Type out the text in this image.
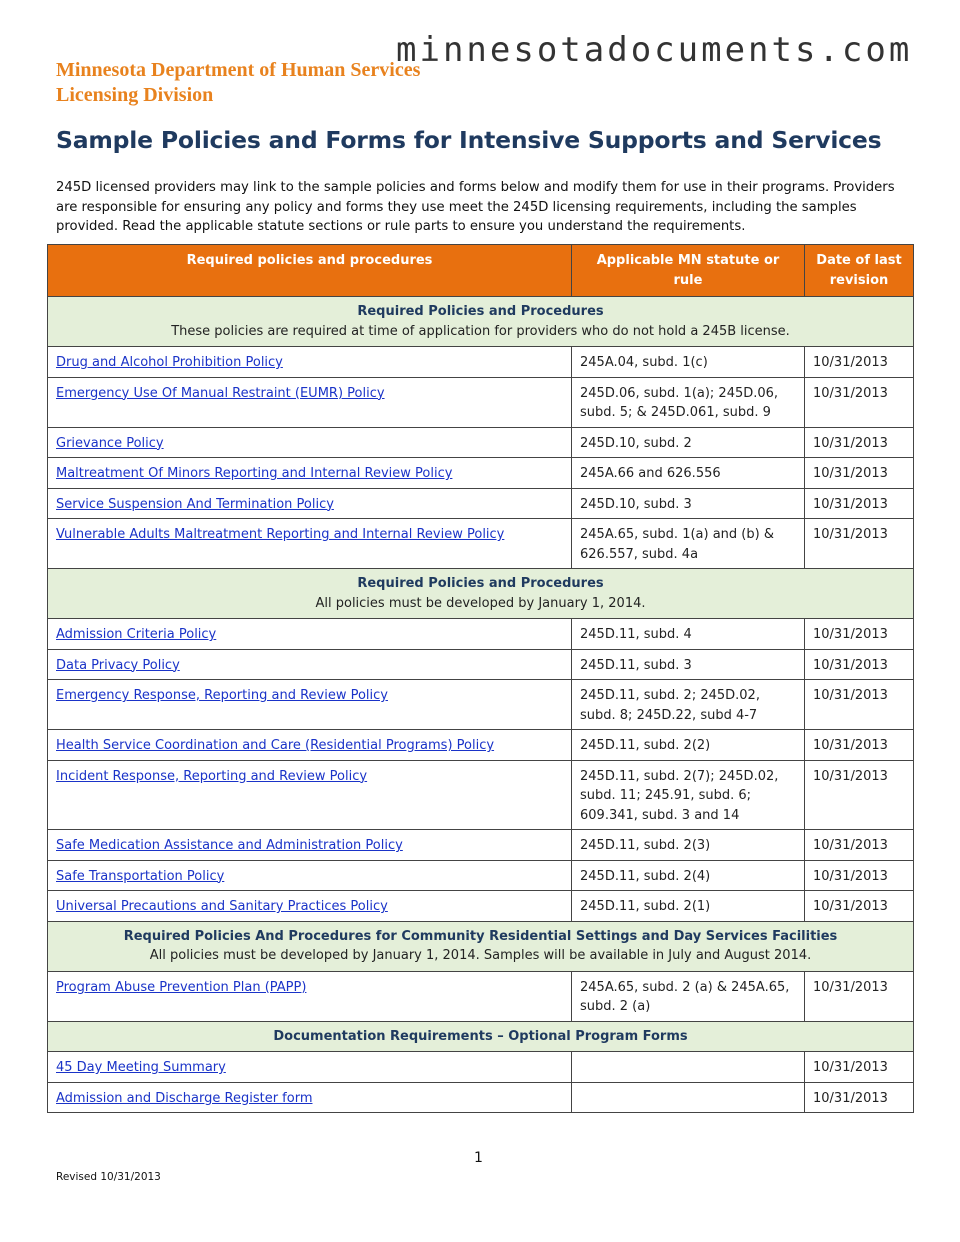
minnesotadocuments.com
Minnesota Department of Human Services
Licensing Division
Sample Policies and Forms for Intensive Supports and Services

245D licensed providers may link to the sample policies and forms below and modify them for use in their programs. Providers are responsible for ensuring any policy and forms they use meet the 245D licensing requirements, including the samples provided. Read the applicable statute sections or rule parts to ensure you understand the requirements.

Required policies and procedures	Applicable MN statute or rule	Date of last revision

Required Policies and Procedures
These policies are required at time of application for providers who do not hold a 245B license.		

Drug and Alcohol Prohibition Policy	245A.04, subd. 1(c)	10/31/2013
Emergency Use Of Manual Restraint (EUMR) Policy	245D.06, subd. 1(a); 245D.06, subd. 5; & 245D.061, subd. 9	10/31/2013
Grievance Policy	245D.10, subd. 2	10/31/2013
Maltreatment Of Minors Reporting and Internal Review Policy	245A.66 and 626.556	10/31/2013
Service Suspension And Termination Policy	245D.10, subd. 3	10/31/2013
Vulnerable Adults Maltreatment Reporting and Internal Review Policy	245A.65, subd. 1(a) and (b) & 626.557, subd. 4a	10/31/2013

Required Policies and Procedures
All policies must be developed by January 1, 2014.		

Admission Criteria Policy	245D.11, subd. 4	10/31/2013
Data Privacy Policy	245D.11, subd. 3	10/31/2013
Emergency Response, Reporting and Review Policy	245D.11, subd. 2; 245D.02, subd. 8; 245D.22, subd 4-7	10/31/2013
Health Service Coordination and Care (Residential Programs) Policy	245D.11, subd. 2(2)	10/31/2013
Incident Response, Reporting and Review Policy	245D.11, subd. 2(7); 245D.02, subd. 11; 245.91, subd. 6; 609.341, subd. 3 and 14	10/31/2013
Safe Medication Assistance and Administration Policy	245D.11, subd. 2(3)	10/31/2013
Safe Transportation Policy	245D.11, subd. 2(4)	10/31/2013
Universal Precautions and Sanitary Practices Policy	245D.11, subd. 2(1)	10/31/2013

Required Policies And Procedures for Community Residential Settings and Day Services Facilities
All policies must be developed by January 1, 2014. Samples will be available in July and August 2014.		

Program Abuse Prevention Plan (PAPP)	245A.65, subd. 2 (a) & 245A.65, subd. 2 (a)	10/31/2013

Documentation Requirements – Optional Program Forms		

45 Day Meeting Summary		10/31/2013
Admission and Discharge Register form		10/31/2013
1
Revised 10/31/2013
